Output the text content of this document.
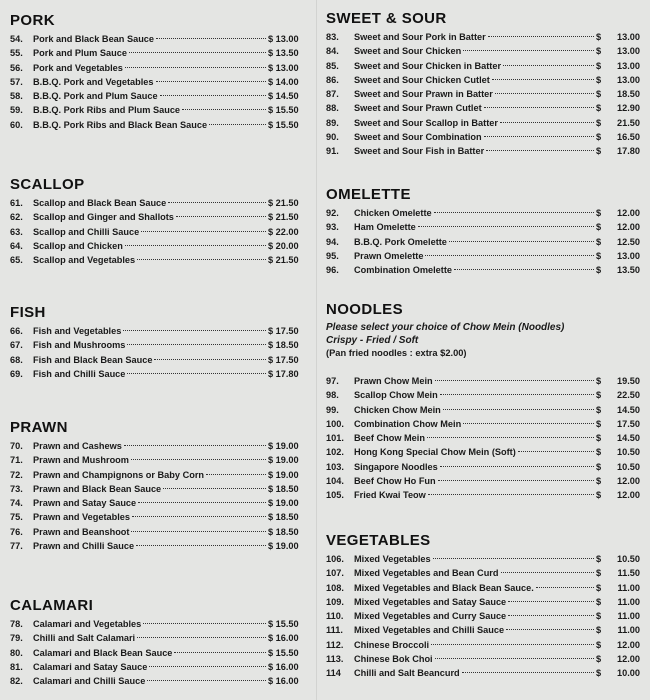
PORK
54.	Pork and Black Bean Sauce	$ 13.00
55.	Pork and Plum Sauce	$ 13.50
56.	Pork and Vegetables	$ 13.00
57.	B.B.Q. Pork and Vegetables	$ 14.00
58.	B.B.Q. Pork and Plum Sauce	$ 14.50
59.	B.B.Q. Pork Ribs and Plum Sauce	$ 15.50
60.	B.B.Q. Pork Ribs and Black Bean Sauce	$ 15.50
SCALLOP
61.	Scallop and Black Bean Sauce	$ 21.50
62.	Scallop and Ginger and Shallots	$ 21.50
63.	Scallop and Chilli Sauce	$ 22.00
64.	Scallop and Chicken	$ 20.00
65.	Scallop and Vegetables	$ 21.50
FISH
66.	Fish and Vegetables	$ 17.50
67.	Fish and Mushrooms	$ 18.50
68.	Fish and Black Bean Sauce	$ 17.50
69.	Fish and Chilli Sauce	$ 17.80
PRAWN
70.	Prawn and Cashews	$ 19.00
71.	Prawn and Mushroom	$ 19.00
72.	Prawn and Champignons or Baby Corn	$ 19.00
73.	Prawn and Black Bean Sauce	$ 18.50
74.	Prawn and Satay Sauce	$ 19.00
75.	Prawn and Vegetables	$ 18.50
76.	Prawn and Beanshoot	$ 18.50
77.	Prawn and Chilli Sauce	$ 19.00
CALAMARI
78.	Calamari and Vegetables	$ 15.50
79.	Chilli and Salt Calamari	$ 16.00
80.	Calamari and Black Bean Sauce	$ 15.50
81.	Calamari and Satay Sauce	$ 16.00
82.	Calamari and Chilli Sauce	$ 16.00
SWEET & SOUR
83.	Sweet and Sour Pork in Batter	$ 13.00
84.	Sweet and Sour Chicken	$ 13.00
85.	Sweet and Sour Chicken in Batter	$ 13.00
86.	Sweet and Sour Chicken Cutlet	$ 13.00
87.	Sweet and Sour Prawn in Batter	$ 18.50
88.	Sweet and Sour Prawn Cutlet	$ 12.90
89.	Sweet and Sour Scallop in Batter	$ 21.50
90.	Sweet and Sour Combination	$ 16.50
91.	Sweet and Sour Fish in Batter	$ 17.80
OMELETTE
92.	Chicken Omelette	$ 12.00
93.	Ham Omelette	$ 12.00
94.	B.B.Q. Pork Omelette	$ 12.50
95.	Prawn Omelette	$ 13.00
96.	Combination Omelette	$ 13.50
NOODLES
Please select your choice of Chow Mein (Noodles)
Crispy - Fried / Soft
(Pan fried noodles : extra $2.00)
97.	Prawn Chow Mein	$ 19.50
98.	Scallop Chow Mein	$ 22.50
99.	Chicken Chow Mein	$ 14.50
100.	Combination Chow Mein	$ 17.50
101.	Beef Chow Mein	$ 14.50
102.	Hong Kong Special Chow Mein (Soft)	$ 10.50
103.	Singapore Noodles	$ 10.50
104.	Beef Chow Ho Fun	$ 12.00
105.	Fried Kwai Teow	$ 12.00
VEGETABLES
106.	Mixed Vegetables	$ 10.50
107.	Mixed Vegetables and Bean Curd	$ 11.50
108.	Mixed Vegetables and Black Bean Sauce.	$ 11.00
109.	Mixed Vegetables and Satay Sauce	$ 11.00
110.	Mixed Vegetables and Curry Sauce	$ 11.00
111.	Mixed Vegetables and Chilli Sauce	$ 11.00
112.	Chinese Broccoli	$ 12.00
113.	Chinese Bok Choi	$ 12.00
114	Chilli and Salt Beancurd	$ 10.00
